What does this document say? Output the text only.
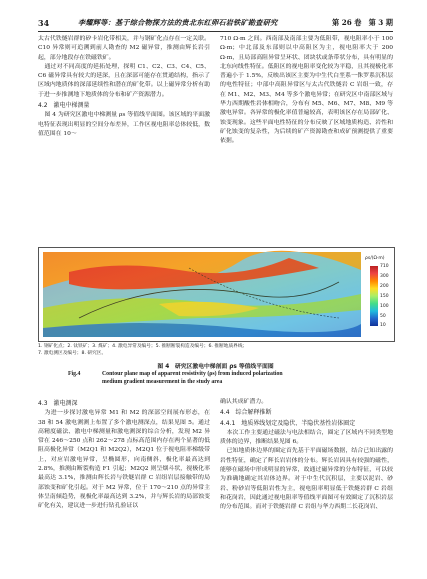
34	李耀辉等：基于综合物探方法的贵北东红卵石岩铁矿勘查研究	第 26 卷　第 3 期

太古代铁燧岩群的矽卡岩化带相关，并与钢矿化点存在一定关联。C10 异常则可追溯到前人勘查的 M2 磁异常，推测由辉长岩引起，部分地段存在铁磁铁矿。

通过对不同高度的延拓处理，探明 C1、C2、C3、C4、C5、C6 磁异常具有较大的延深，且在深部可能存在贯通结构，指示了区域内地质体的深部延续性和潜在的矿化带。以上磁异常分析有助于进一步推测地下地质体的分布和矿产资源潜力。

4.2　激电中梯测量

图 4 为研究区激电中梯测量 ρs 等值线平面图。该区域的平面激电特征表现出明显的空间分布差异，工作区视电阻率总体较低，数值范围在 10～

710 Ω·m 之间。西南部及南部主要为低阻带，视电阻率小于 100 Ω·m；中北部及东部则以中高阻区为主，视电阻率大于 200 Ω·m，且局部高阻异常呈环状、团块状或条带状分布，具有明显的北东向线性特征。低阻区的视电阻率变化较为平稳，且其视极化率普遍小于 1.5%，反映出该区主要为中生代白垩系一侏罗系沉积层的电性特征；中部中高阻异常区与太古代铁燧岩 C 岩组一致，存在 M1、M2、M3、M4 等多个激电异常；在研究区中南部区域与华力西期酸性岩体相吻合，分布有 M5、M6、M7、M8、M9 等激电异常。各异常的极化率值普遍较高，表明该区存在局部矿化、蚀变现象。这些平面电性特征的分布反映了区域地质构造、岩性和矿化蚀变的复杂性，为后续的矿产资源勘查和成矿预测提供了重要依据。

ρs/(Ω·m)
710
300
200
150
100
50
10
1. 钢矿化点；2. 钛铁矿；3. 煤矿；4. 激电异常及编号；5. 推断断裂构造及编号；6. 推断地质界线；
7. 激电测区及编号；8. 研究区。
图 4　研究区激电中梯剖面 ρs 等值线平面图
Fig.4	Contour plane map of apparent resistivity (ρs) from induced polarization
medium gradient measurement in the study area

4.3　激电测深

为进一步探讨激电异常 M1 和 M2 的深部空间展布形态，在 38 和 54 激电测测上布置了多个激电测深点，结果见图 5。通过高精度磁法、激电中梯测量和激电测深的综合分析，发现 M2 异常在 246～250 点和 262～278 点标高范围内存在两个显著的低阻高极化异常（M2Q1 和 M2Q2），M2Q1 位于视电阻率梯级带上，对应岩激电异常，呈椭圆形，向南侧斜，极化率最高达到 2.8%，推测由断裂构造 F1 引起；M2Q2 则呈烟斗状，视极化率最高达 3.1%，推测由辉长岩与铁燧岩群 C 岩组岩层接触带的局部蚀变和矿化引起。对于 M2 异常，位于 170～210 点的异常主体呈南倾趋势，视极化率最高达到 3.2%，并与辉长岩的局部蚀变矿化有关，建议进一步进行钻孔验证以

确认其成矿潜力。

4.4　综合解释推断

4.4.1　地质界线划定及隐伏、半隐伏基性岩体圈定

本次工作主要通过磁法与电法相结合，圈定了区域内不同类型地质体的边界，推断结果见图 6。

已知地质体边界的圈定首先基于平面磁场数据，结合已知出露的岩性特征，确定了辉长岩岩体的分布。辉长岩因具有较强的磁性，能够在磁场中形成明显的异常，故通过磁异常的分布特征，可以较为准确地确定其岩体边界。对于中生代沉积层，主要以泥岩、砂岩、粉砂岩等低阻岩性为主，视电阻率明显低于铁燧岩群 C 岩组和花岗岩，因此通过视电阻率等值线平面图可有效圈定了沉积岩层的分布范围。而对于铁燧岩群 C 岩组与华力西期二长花岗岩、
